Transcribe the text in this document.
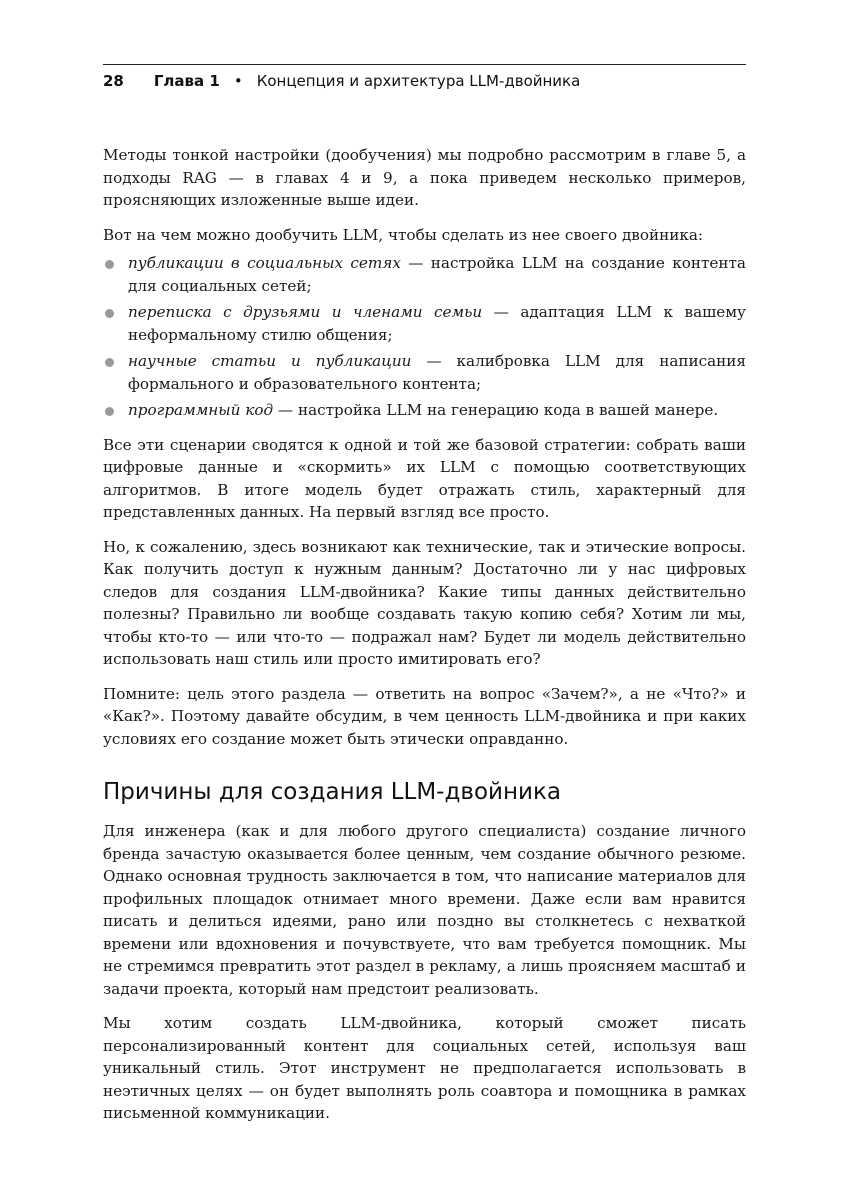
28 Глава 1 • Концепция и архитектура LLM-двойника

Методы тонкой настройки (дообучения) мы подробно рассмотрим в главе 5, а подходы RAG — в главах 4 и 9, а пока приведем несколько примеров, проясняющих изложенные выше идеи.

Вот на чем можно дообучить LLM, чтобы сделать из нее своего двойника:

публикации в социальных сетях — настройка LLM на создание контента для социальных сетей;
переписка с друзьями и членами семьи — адаптация LLM к вашему неформальному стилю общения;
научные статьи и публикации — калибровка LLM для написания формального и образовательного контента;
программный код — настройка LLM на генерацию кода в вашей манере.

Все эти сценарии сводятся к одной и той же базовой стратегии: собрать ваши цифровые данные и «скормить» их LLM с помощью соответствующих алгоритмов. В итоге модель будет отражать стиль, характерный для представленных данных. На первый взгляд все просто.

Но, к сожалению, здесь возникают как технические, так и этические вопросы. Как получить доступ к нужным данным? Достаточно ли у нас цифровых следов для создания LLM-двойника? Какие типы данных действительно полезны? Правильно ли вообще создавать такую копию себя? Хотим ли мы, чтобы кто-то — или что-то — подражал нам? Будет ли модель действительно использовать наш стиль или просто имитировать его?

Помните: цель этого раздела — ответить на вопрос «Зачем?», а не «Что?» и «Как?». Поэтому давайте обсудим, в чем ценность LLM-двойника и при каких условиях его создание может быть этически оправданно.

Причины для создания LLM-двойника

Для инженера (как и для любого другого специалиста) создание личного бренда зачастую оказывается более ценным, чем создание обычного резюме. Однако основная трудность заключается в том, что написание материалов для профильных площадок отнимает много времени. Даже если вам нравится писать и делиться идеями, рано или поздно вы столкнетесь с нехваткой времени или вдохновения и почувствуете, что вам требуется помощник. Мы не стремимся превратить этот раздел в рекламу, а лишь проясняем масштаб и задачи проекта, который нам предстоит реализовать.

Мы хотим создать LLM-двойника, который сможет писать персонализированный контент для социальных сетей, используя ваш уникальный стиль. Этот инструмент не предполагается использовать в неэтичных целях — он будет выполнять роль соавтора и помощника в рамках письменной коммуникации.
